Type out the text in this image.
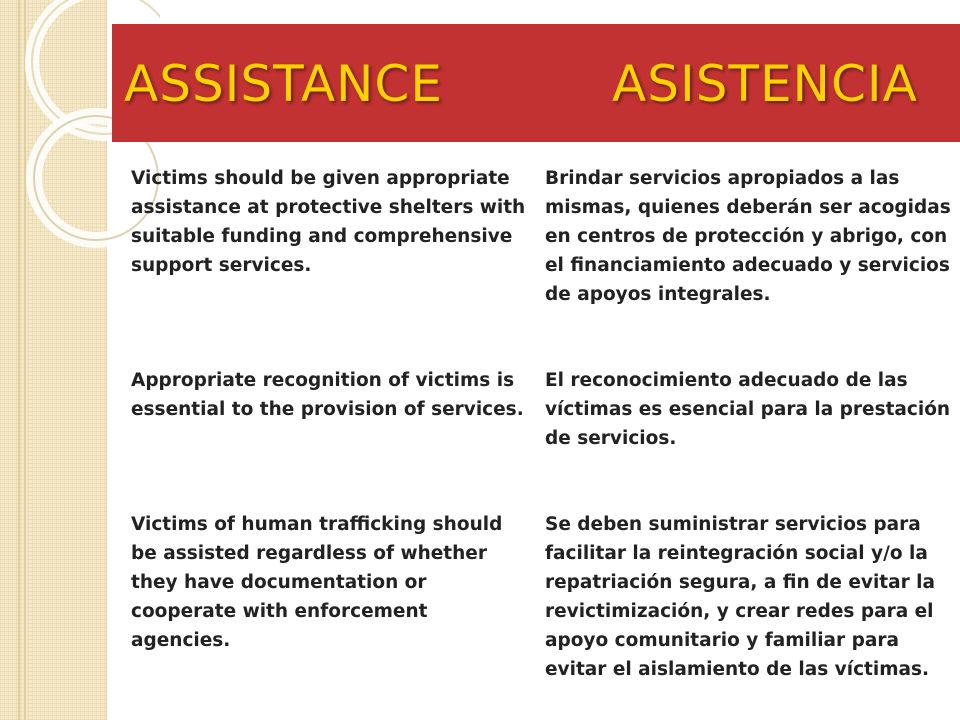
ASSISTANCE	ASISTENCIA

Victims should be given appropriate assistance at protective shelters with suitable funding and comprehensive support services.

Brindar servicios apropiados a las mismas, quienes deberán ser acogidas en centros de protección y abrigo, con el financiamiento adecuado y servicios de apoyos integrales.

Appropriate recognition of victims is essential to the provision of services.

El reconocimiento adecuado de las víctimas es esencial para la prestación de servicios.

Victims of human trafficking should be assisted regardless of whether they have documentation or cooperate with enforcement agencies.

Se deben suministrar servicios para facilitar la reintegración social y/o la repatriación segura, a fin de evitar la revictimización, y crear redes para el apoyo comunitario y familiar para evitar el aislamiento de las víctimas.
